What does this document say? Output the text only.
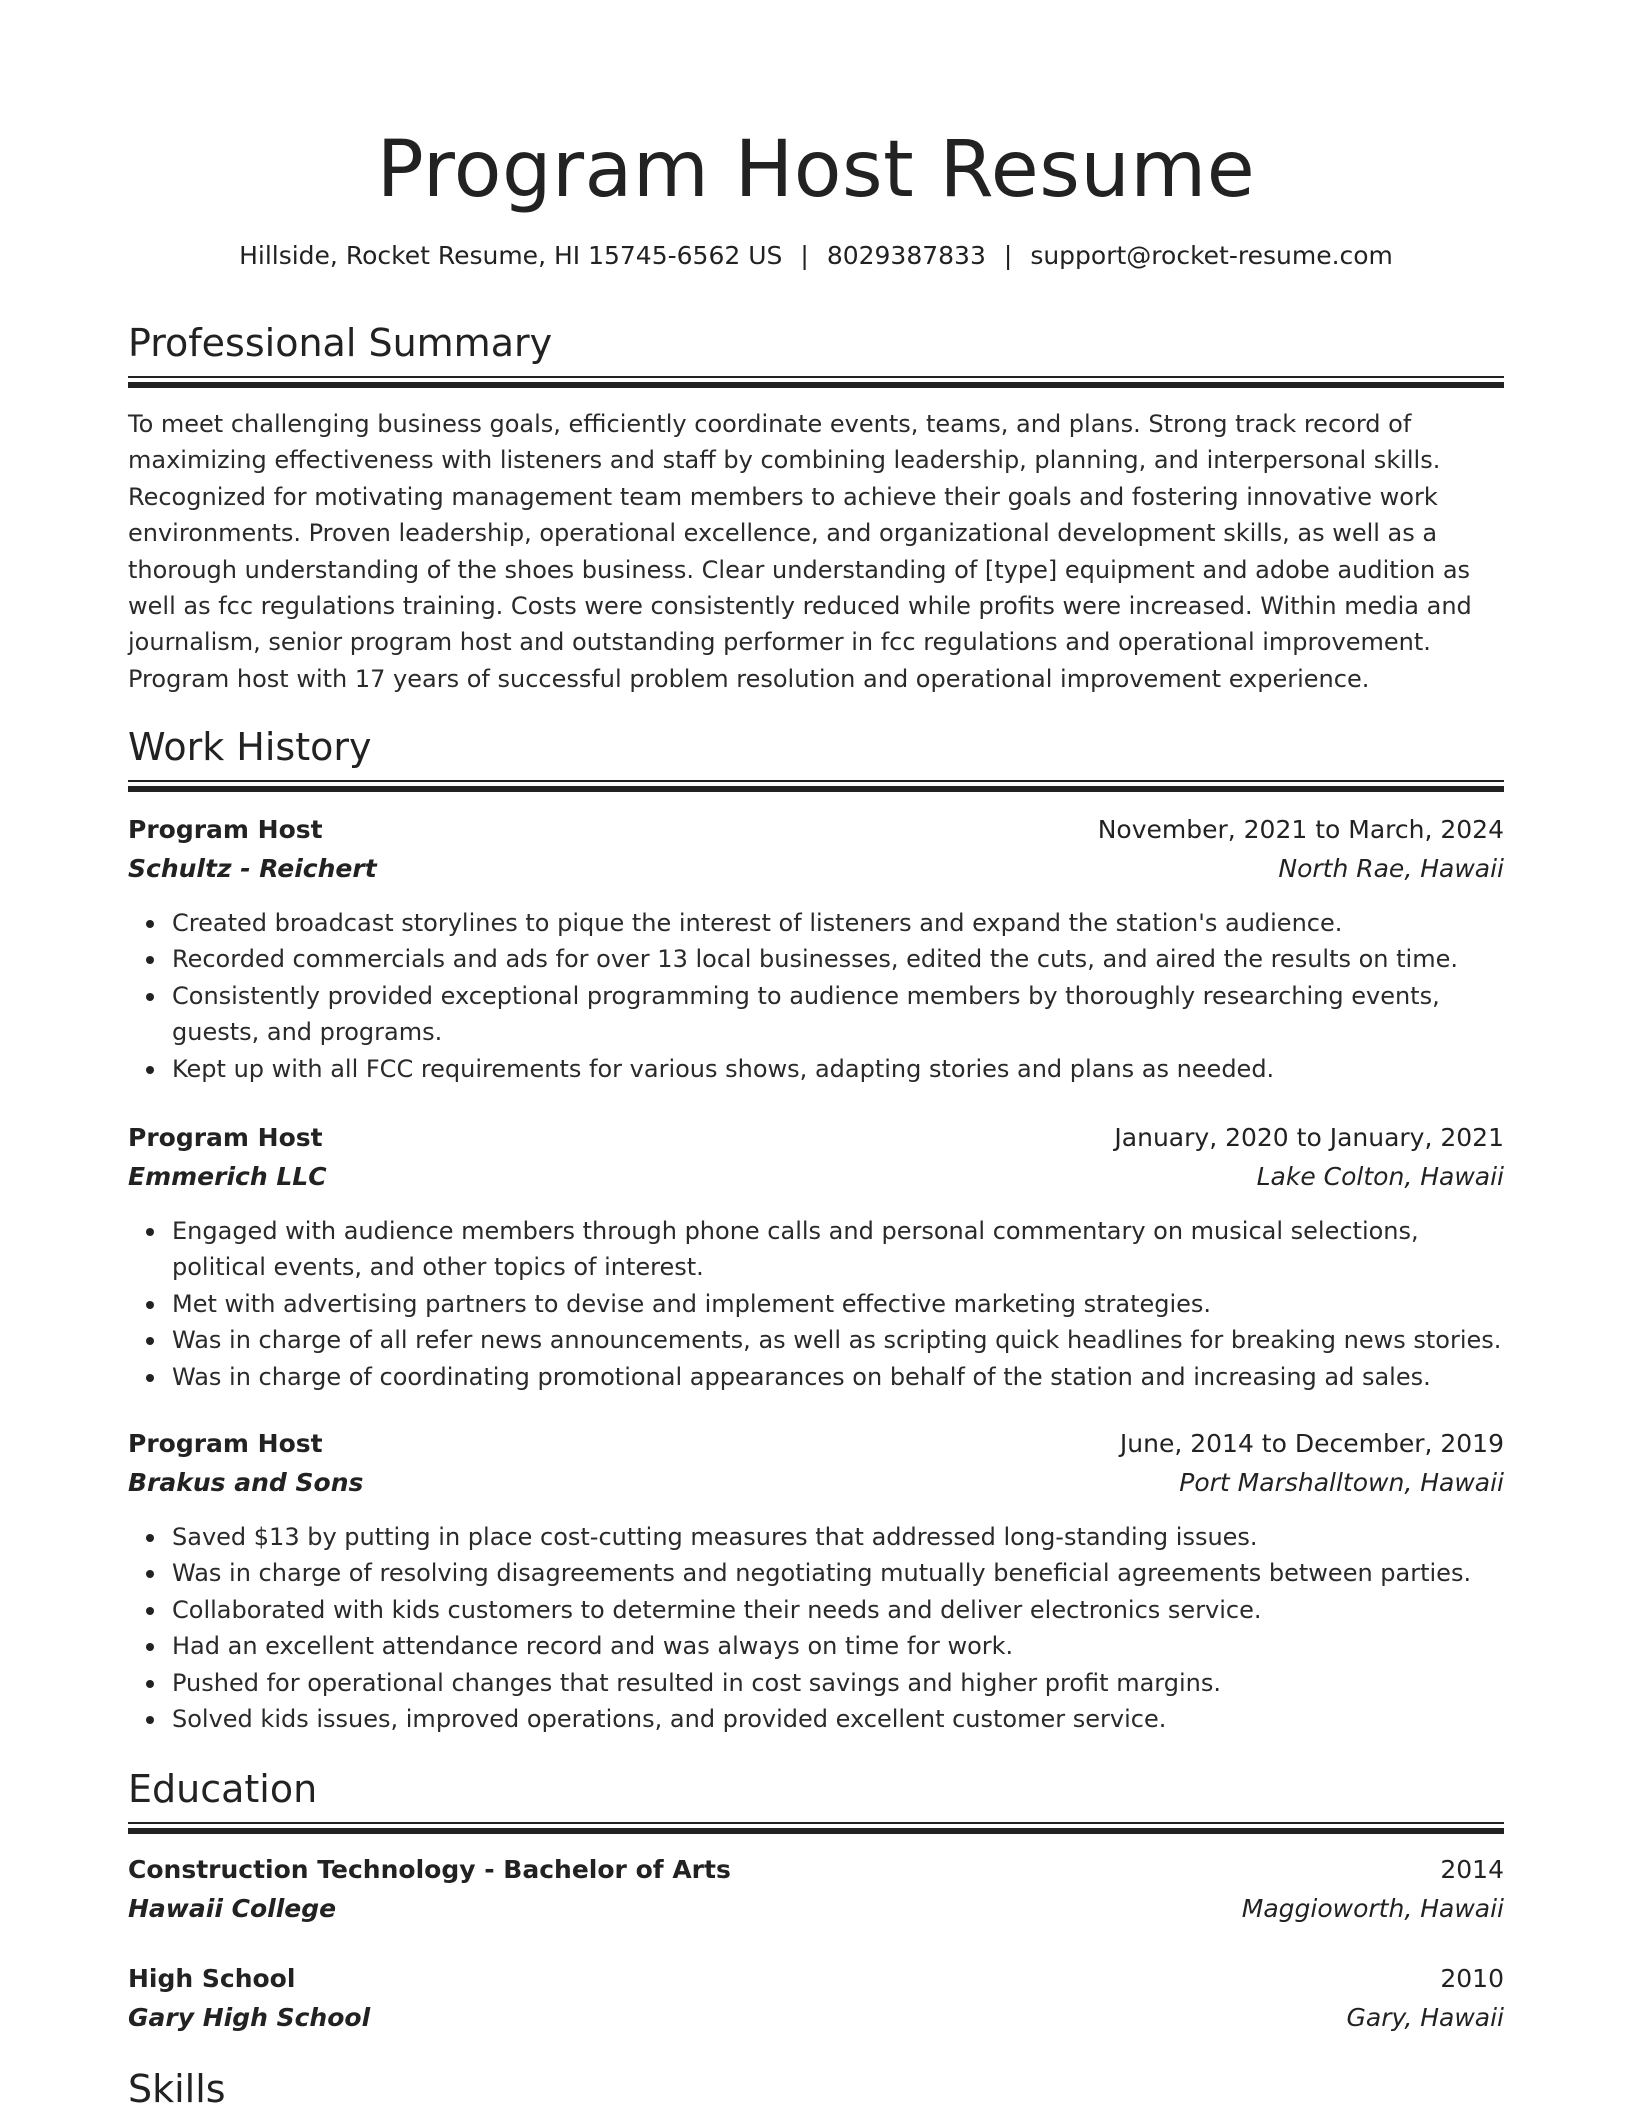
Program Host Resume
Hillside, Rocket Resume, HI 15745-6562 US | 8029387833 | support@rocket-resume.com
Professional Summary
To meet challenging business goals, efficiently coordinate events, teams, and plans. Strong track record of maximizing effectiveness with listeners and staff by combining leadership, planning, and interpersonal skills. Recognized for motivating management team members to achieve their goals and fostering innovative work environments. Proven leadership, operational excellence, and organizational development skills, as well as a thorough understanding of the shoes business. Clear understanding of [type] equipment and adobe audition as well as fcc regulations training. Costs were consistently reduced while profits were increased. Within media and journalism, senior program host and outstanding performer in fcc regulations and operational improvement. Program host with 17 years of successful problem resolution and operational improvement experience.
Work History
Program Host	November, 2021 to March, 2024
Schultz - Reichert	North Rae, Hawaii
Created broadcast storylines to pique the interest of listeners and expand the station's audience.
Recorded commercials and ads for over 13 local businesses, edited the cuts, and aired the results on time.
Consistently provided exceptional programming to audience members by thoroughly researching events, guests, and programs.
Kept up with all FCC requirements for various shows, adapting stories and plans as needed.
Program Host	January, 2020 to January, 2021
Emmerich LLC	Lake Colton, Hawaii
Engaged with audience members through phone calls and personal commentary on musical selections, political events, and other topics of interest.
Met with advertising partners to devise and implement effective marketing strategies.
Was in charge of all refer news announcements, as well as scripting quick headlines for breaking news stories.
Was in charge of coordinating promotional appearances on behalf of the station and increasing ad sales.
Program Host	June, 2014 to December, 2019
Brakus and Sons	Port Marshalltown, Hawaii
Saved $13 by putting in place cost-cutting measures that addressed long-standing issues.
Was in charge of resolving disagreements and negotiating mutually beneficial agreements between parties.
Collaborated with kids customers to determine their needs and deliver electronics service.
Had an excellent attendance record and was always on time for work.
Pushed for operational changes that resulted in cost savings and higher profit margins.
Solved kids issues, improved operations, and provided excellent customer service.
Education
Construction Technology - Bachelor of Arts	2014
Hawaii College	Maggioworth, Hawaii
High School	2010
Gary High School	Gary, Hawaii
Skills
